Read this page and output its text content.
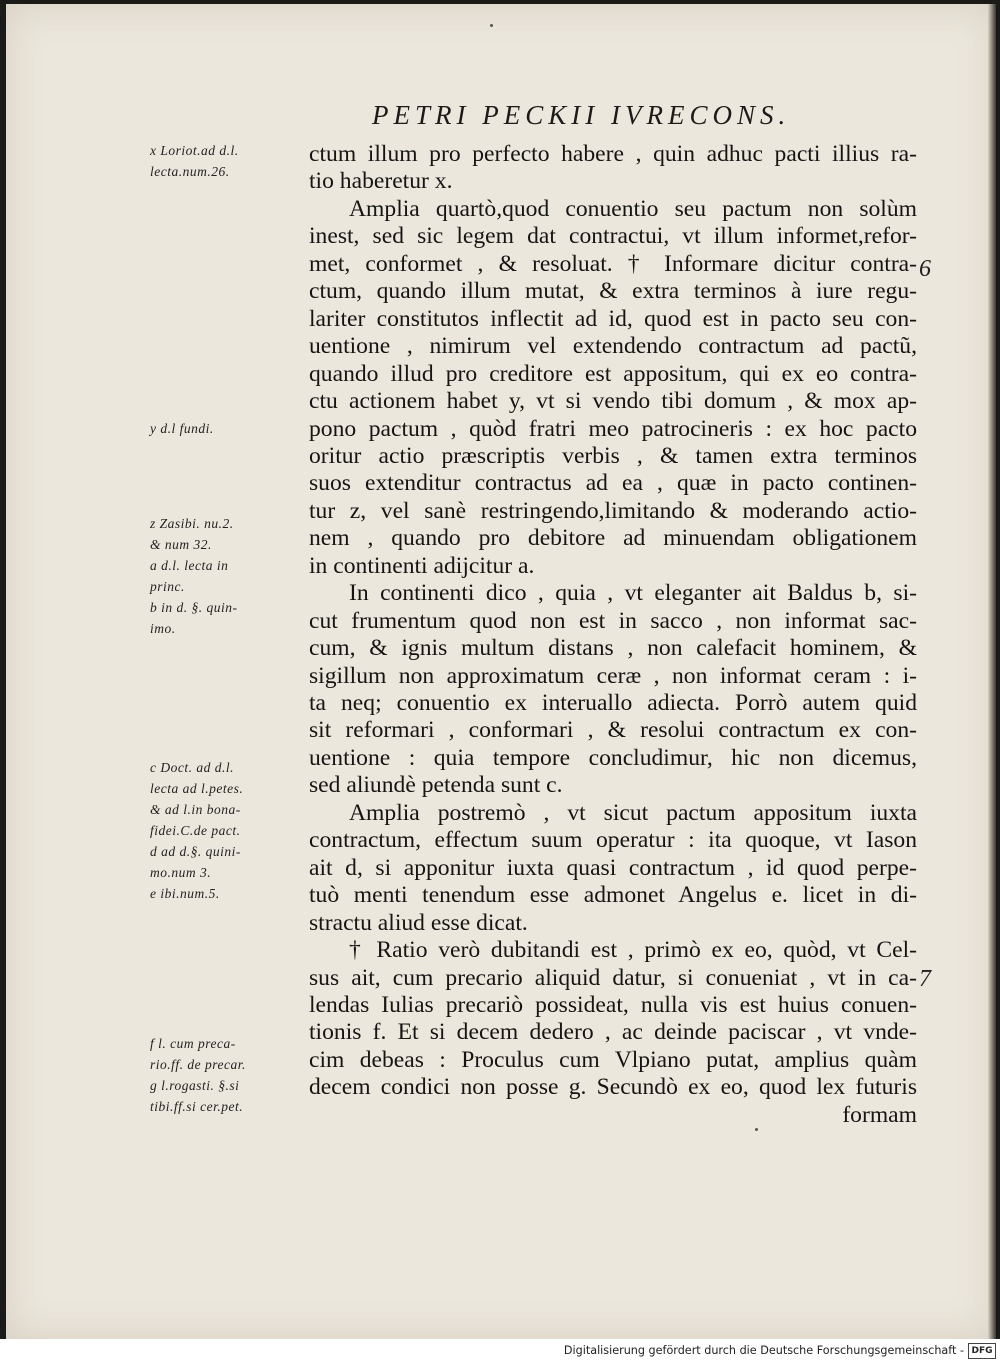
PETRI PECKII IVRECONS.
x Loriot.ad d.l.
lecta.num.26.
y d.l fundi.
z Zasibi. nu.2.
& num 32.
a d.l. lecta in
princ.
b in d. §. quin-
imo.
c Doct. ad d.l.
lecta ad l.petes.
& ad l.in bona-
fidei.C.de pact.
d ad d.§. quini-
mo.num 3.
e ibi.num.5.
f l. cum preca-
rio.ff. de precar.
g l.rogasti. §.si
tibi.ff.si cer.pet.
ctum illum pro perfecto habere , quin adhuc pacti illius ra-
tio haberetur x.
Amplia quartò,quod conuentio seu pactum non solùm
inest, sed sic legem dat contractui, vt illum informet,refor-
met, conformet , & resoluat. † Informare dicitur contra-
ctum, quando illum mutat, & extra terminos à iure regu-
lariter constitutos inflectit ad id, quod est in pacto seu con-
uentione , nimirum vel extendendo contractum ad pactũ,
quando illud pro creditore est appositum, qui ex eo contra-
ctu actionem habet y, vt si vendo tibi domum , & mox ap-
pono pactum , quòd fratri meo patrocineris : ex hoc pacto
oritur actio præscriptis verbis , & tamen extra terminos
suos extenditur contractus ad ea , quæ in pacto continen-
tur z, vel sanè restringendo,limitando & moderando actio-
nem , quando pro debitore ad minuendam obligationem
in continenti adijcitur a.
In continenti dico , quia , vt eleganter ait Baldus b, si-
cut frumentum quod non est in sacco , non informat sac-
cum, & ignis multum distans , non calefacit hominem, &
sigillum non approximatum ceræ , non informat ceram : i-
ta neq; conuentio ex interuallo adiecta. Porrò autem quid
sit reformari , conformari , & resolui contractum ex con-
uentione : quia tempore concludimur, hic non dicemus,
sed aliundè petenda sunt c.
Amplia postremò , vt sicut pactum appositum iuxta
contractum, effectum suum operatur : ita quoque, vt Iason
ait d, si apponitur iuxta quasi contractum , id quod perpe-
tuò menti tenendum esse admonet Angelus e. licet in di-
stractu aliud esse dicat.
† Ratio verò dubitandi est , primò ex eo, quòd, vt Cel-
sus ait, cum precario aliquid datur, si conueniat , vt in ca-
lendas Iulias precariò possideat, nulla vis est huius conuen-
tionis f. Et si decem dedero , ac deinde paciscar , vt vnde-
cim debeas : Proculus cum Vlpiano putat, amplius quàm
decem condici non posse g. Secundò ex eo, quod lex futuris
formam
6
7
Digitalisierung gefördert durch die Deutsche Forschungsgemeinschaft - DFG
